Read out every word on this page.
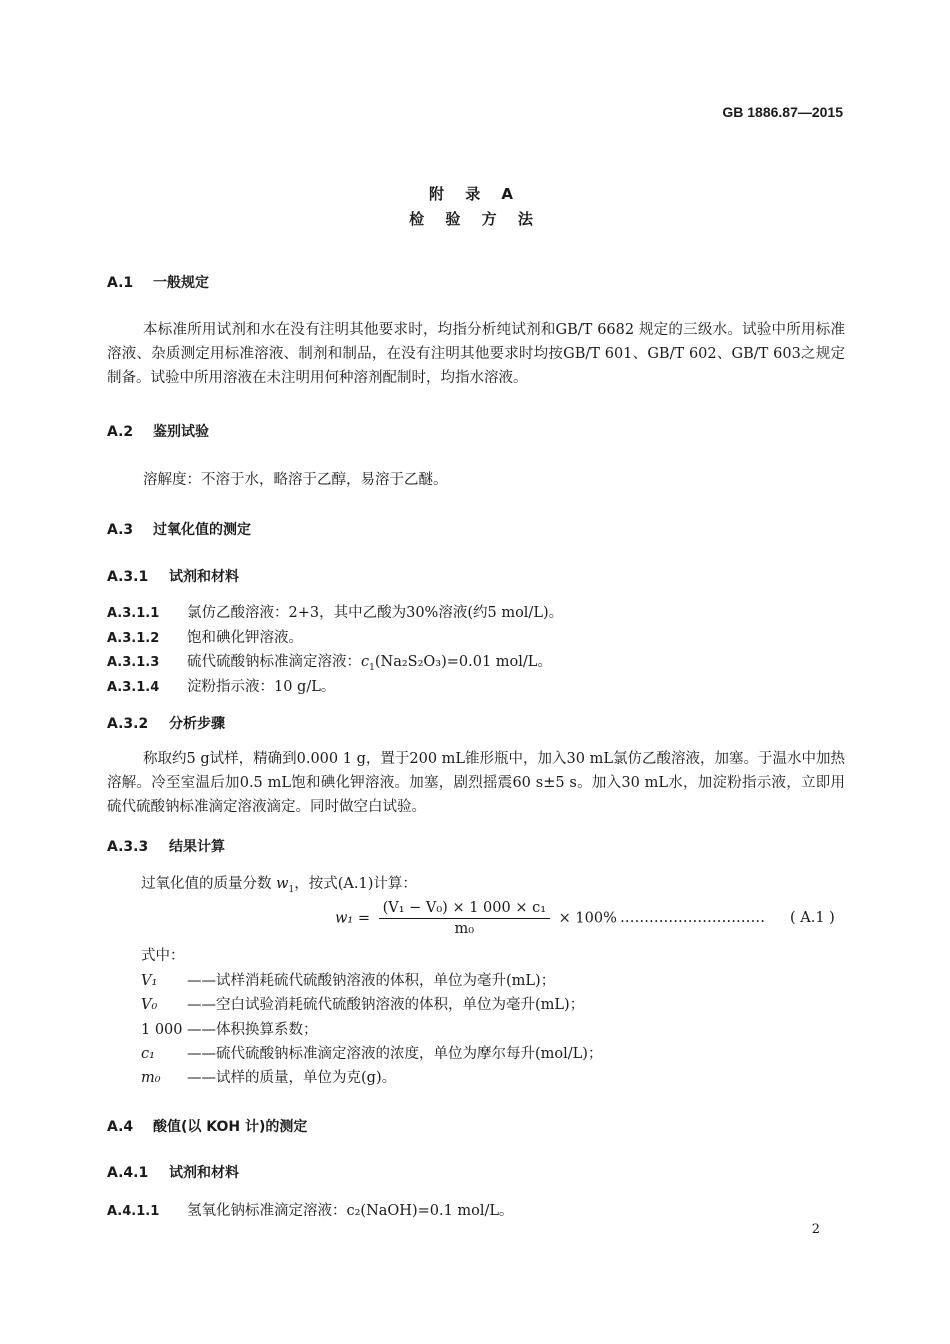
GB 1886.87—2015
附 录 A
检 验 方 法
A.1 一般规定
本标准所用试剂和水在没有注明其他要求时，均指分析纯试剂和GB/T 6682 规定的三级水。试验中所用标准溶液、杂质测定用标准溶液、制剂和制品，在没有注明其他要求时均按GB/T 601、GB/T 602、GB/T 603之规定制备。试验中所用溶液在未注明用何种溶剂配制时，均指水溶液。
A.2 鉴别试验
溶解度：不溶于水，略溶于乙醇，易溶于乙醚。
A.3 过氧化值的测定
A.3.1 试剂和材料
A.3.1.1 氯仿乙酸溶液：2+3，其中乙酸为30%溶液(约5 mol/L)。
A.3.1.2 饱和碘化钾溶液。
A.3.1.3 硫代硫酸钠标准滴定溶液：$c_1(Na_2S_2O_3)=0.01$ mol/L。
A.3.1.4 淀粉指示液：10 g/L。
A.3.2 分析步骤
称取约5 g试样，精确到0.000 1 g，置于200 mL锥形瓶中，加入30 mL氯仿乙酸溶液，加塞。于温水中加热溶解。冷至室温后加0.5 mL饱和碘化钾溶液。加塞，剧烈摇震60 s±5 s。加入30 mL水，加淀粉指示液，立即用硫代硫酸钠标准滴定溶液滴定。同时做空白试验。
A.3.3 结果计算
过氧化值的质量分数 $w_1$，按式(A.1)计算：
$w_1 = \frac{\text{(V₁ − V₀) × 1 000 × c₁}}{\text{m₀}} \times 100\%$ ………………………… ( A.1 )
式中：
V₁ ——试样消耗硫代硫酸钠溶液的体积，单位为毫升(mL)；
V₀ ——空白试验消耗硫代硫酸钠溶液的体积，单位为毫升(mL)；
1 000 ——体积换算系数；
c₁ ——硫代硫酸钠标准滴定溶液的浓度，单位为摩尔每升(mol/L)；
m₀ ——试样的质量，单位为克(g)。
A.4 酸值(以 KOH 计)的测定
A.4.1 试剂和材料
A.4.1.1 氢氧化钠标准滴定溶液：c₂(NaOH)=0.1 mol/L。
2
